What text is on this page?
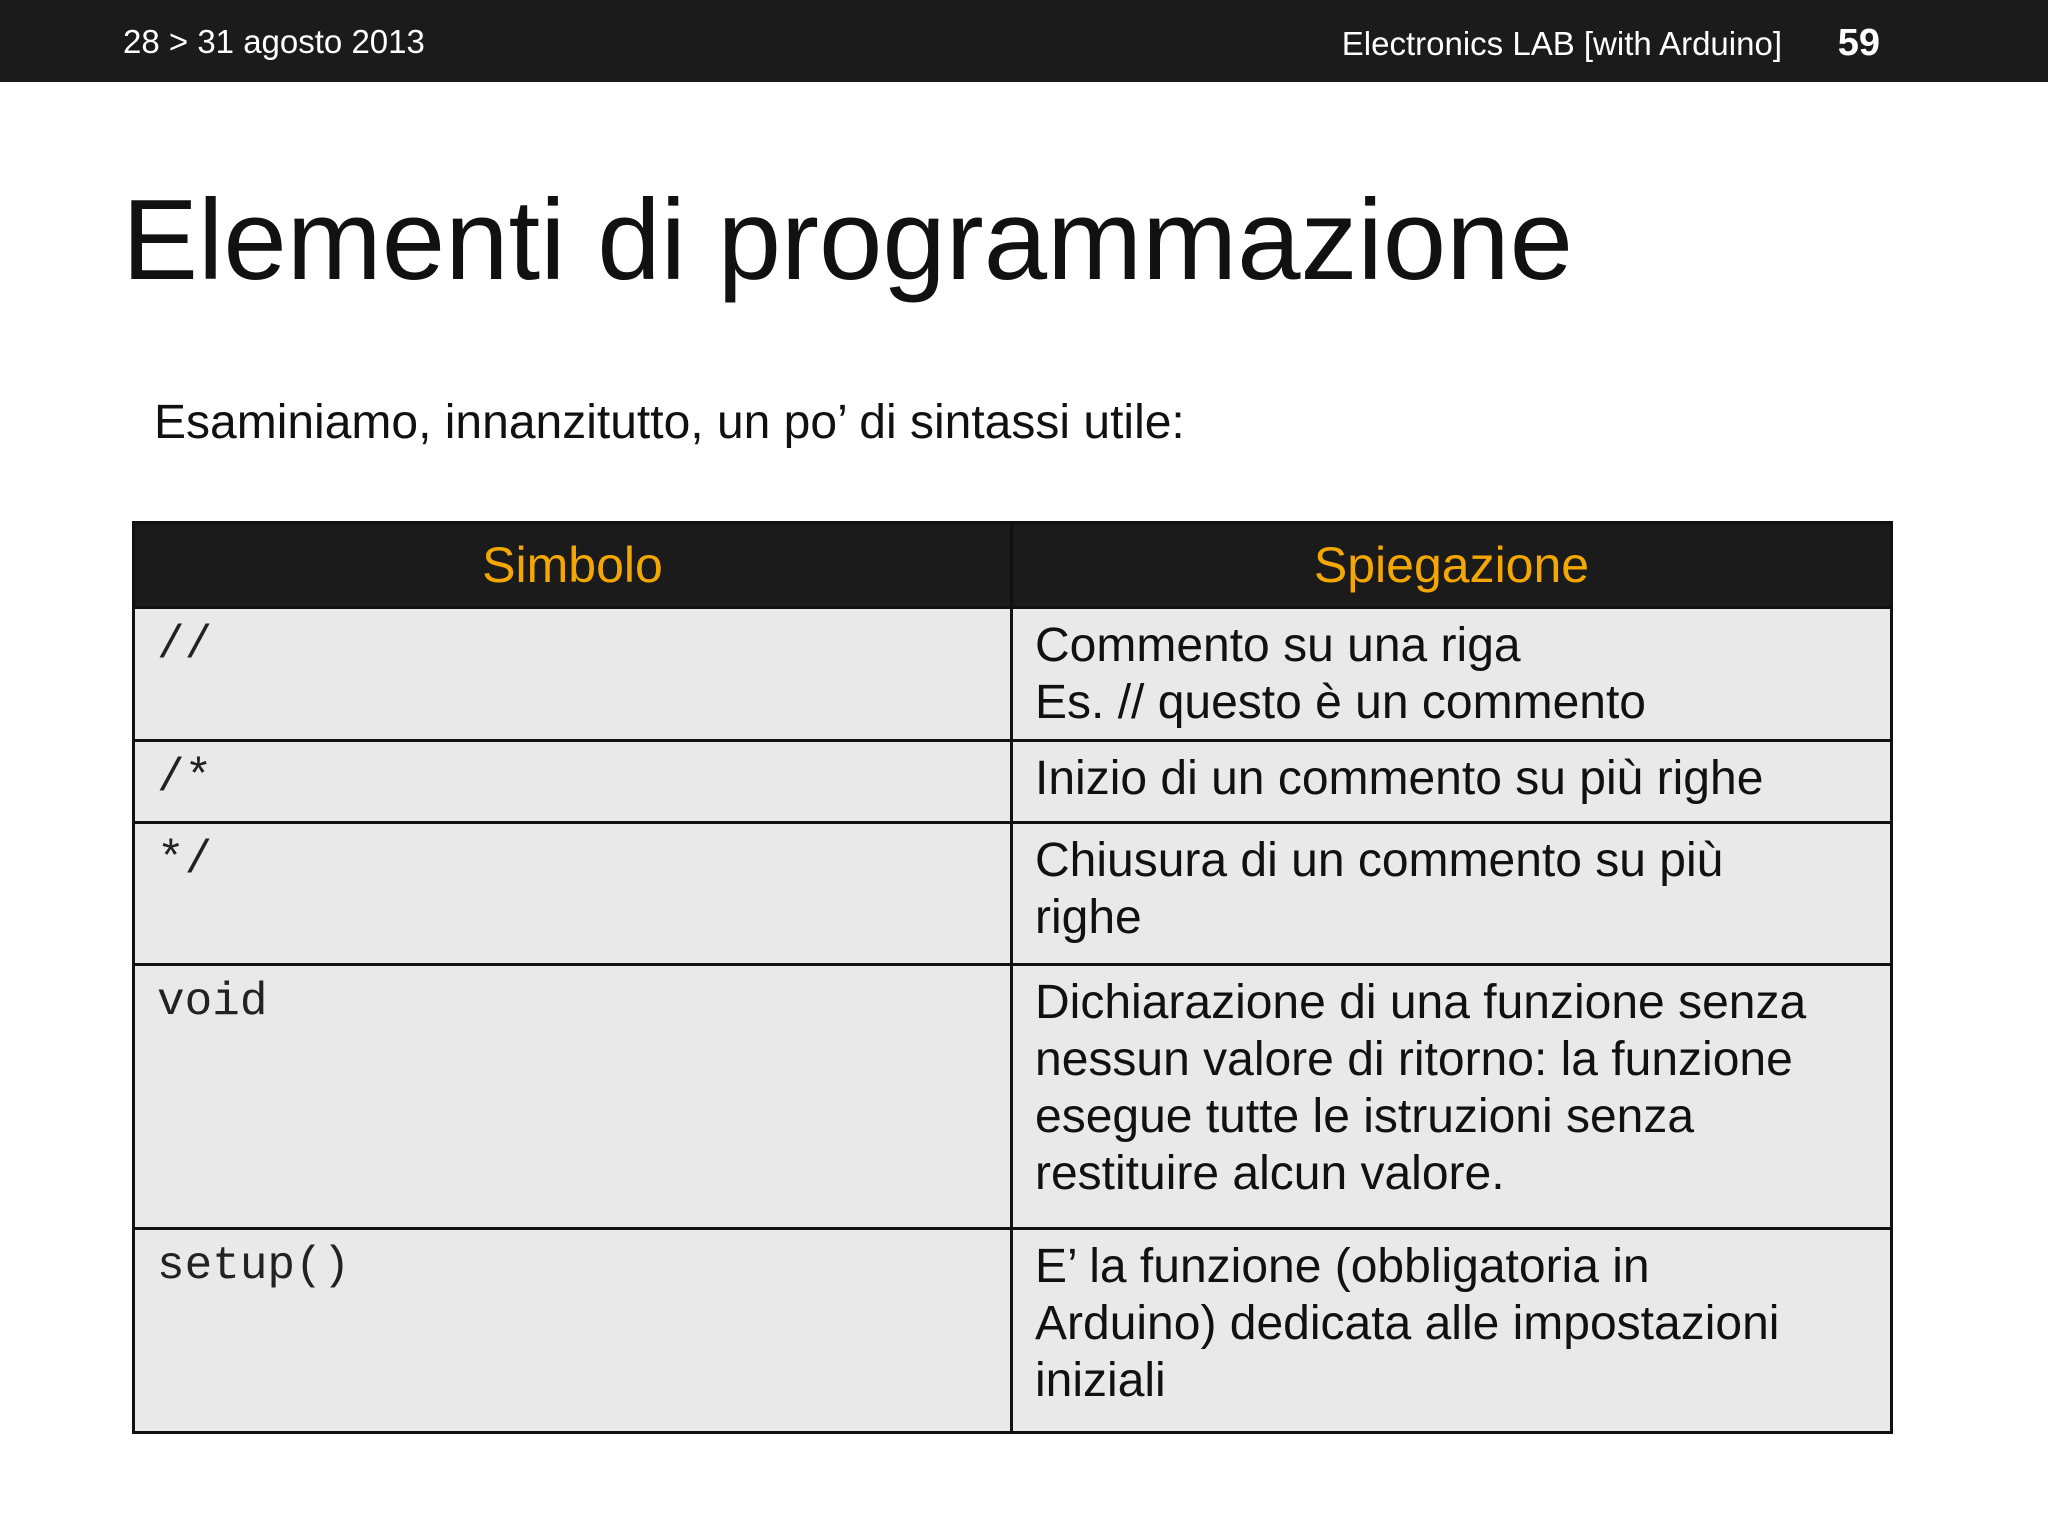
28 > 31 agosto 2013	Electronics LAB [with Arduino] 59
Elementi di programmazione

Esaminiamo, innanzitutto, un po’ di sintassi utile:

Simbolo	Spiegazione
//	Commento su una riga
Es. // questo è un commento

/*	Inizio di un commento su più righe

*/	Chiusura di un commento su più
righe

void	Dichiarazione di una funzione senza
nessun valore di ritorno: la funzione
esegue tutte le istruzioni senza
restituire alcun valore.

setup()	E’ la funzione (obbligatoria in
Arduino) dedicata alle impostazioni
iniziali
